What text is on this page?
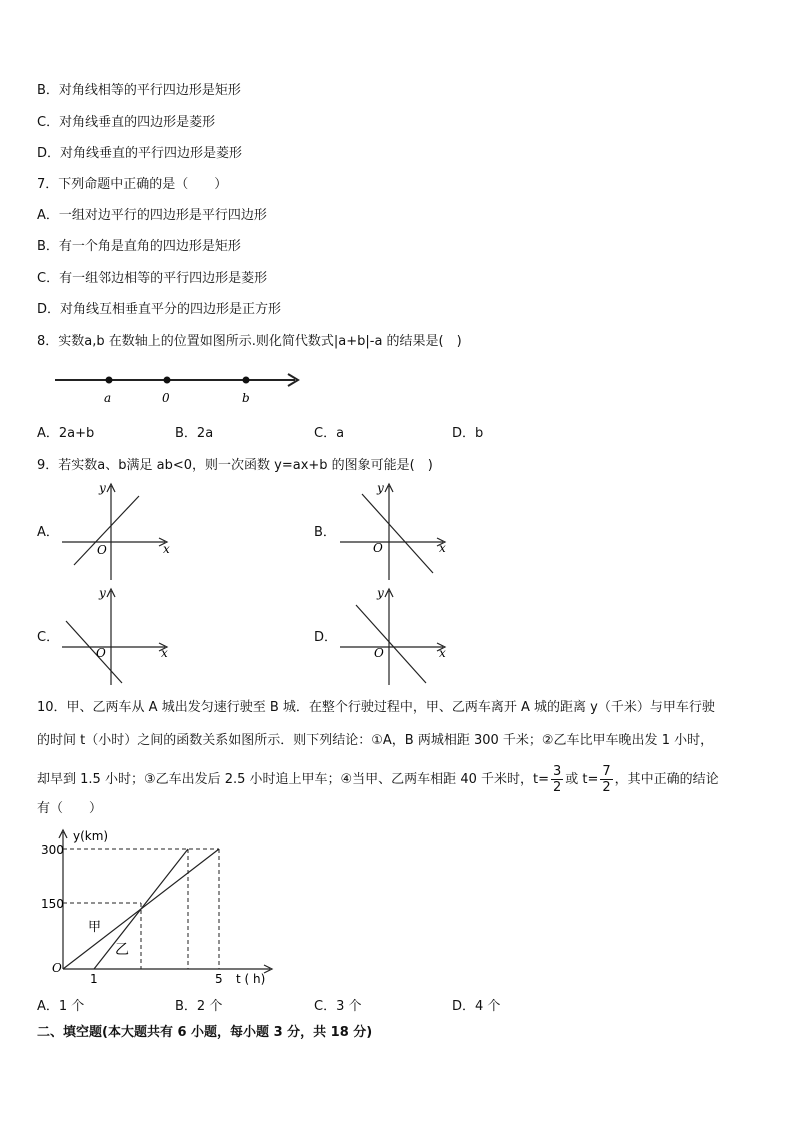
B．对角线相等的平行四边形是矩形
C．对角线垂直的四边形是菱形
D．对角线垂直的平行四边形是菱形
7．下列命题中正确的是（　　）
A．一组对边平行的四边形是平行四边形
B．有一个角是直角的四边形是矩形
C．有一组邻边相等的平行四边形是菱形
D．对角线互相垂直平分的四边形是正方形
8．实数a,b 在数轴上的位置如图所示.则化简代数式|a+b|-a 的结果是(　)
a	0	b
A．2a+b	B．2a	C．a	D．b
9．若实数a、b满足 ab<0，则一次函数 y=ax+b 的图象可能是(　)
A．
y
x
O
B．
y
x
O
C．
y
x
O
D．
y
x
O
10．甲、乙两车从 A 城出发匀速行驶至 B 城．在整个行驶过程中，甲、乙两车离开 A 城的距离 y（千米）与甲车行驶
的时间 t（小时）之间的函数关系如图所示．则下列结论：①A，B 两城相距 300 千米；②乙车比甲车晚出发 1 小时，
却早到 1.5 小时；③乙车出发后 2.5 小时追上甲车；④当甲、乙两车相距 40 千米时，$t= \frac{3}{2}$ 或 $t= \frac{7}{2}$ ，其中正确的结论
有（　　）
y(km)
300
150
O
1	5 t ( h)
甲
乙
A．1 个	B．2 个	C．3 个	D．4 个
二、填空题(本大题共有 6 小题，每小题 3 分，共 18 分)
